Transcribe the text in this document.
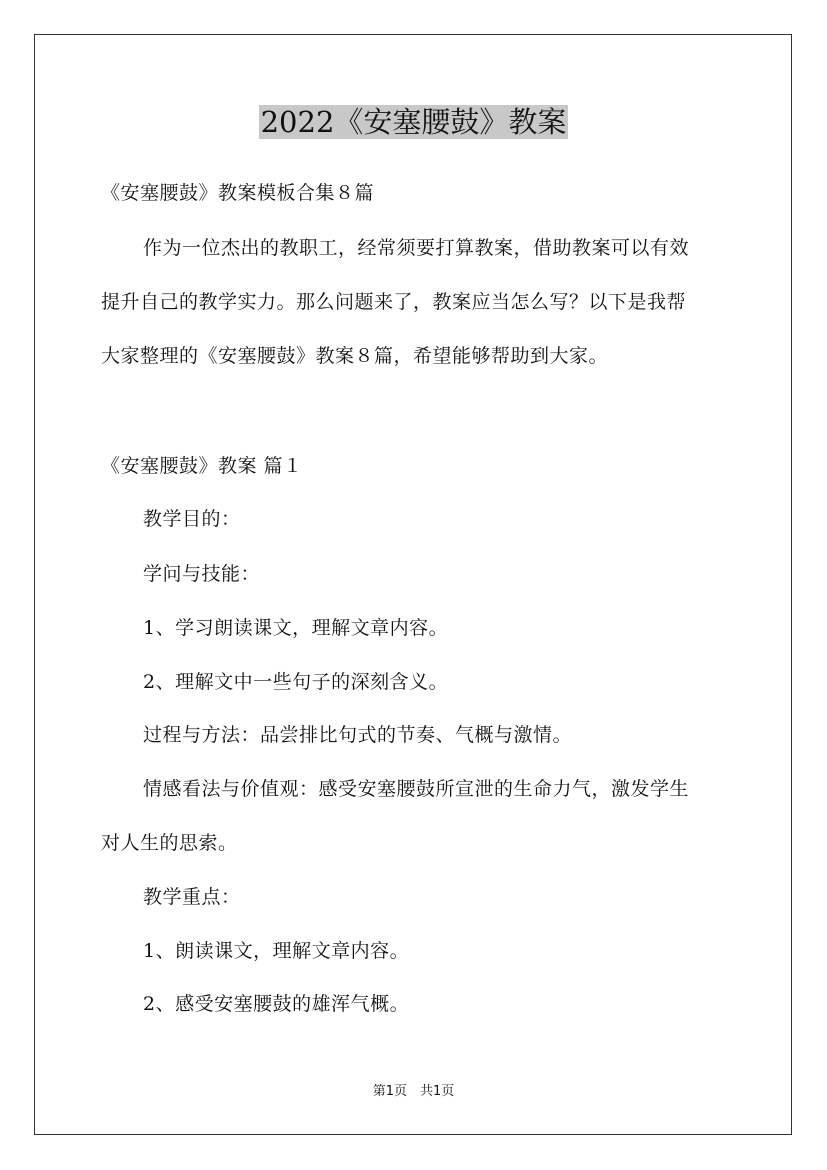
2022《安塞腰鼓》教案
《安塞腰鼓》教案模板合集８篇
作为一位杰出的教职工，经常须要打算教案，借助教案可以有效
提升自己的教学实力。那么问题来了，教案应当怎么写？以下是我帮
大家整理的《安塞腰鼓》教案８篇，希望能够帮助到大家。
《安塞腰鼓》教案 篇１
教学目的：
学问与技能：
1、学习朗读课文，理解文章内容。
2、理解文中一些句子的深刻含义。
过程与方法：品尝排比句式的节奏、气概与激情。
情感看法与价值观：感受安塞腰鼓所宣泄的生命力气，激发学生
对人生的思索。
教学重点：
1、朗读课文，理解文章内容。
2、感受安塞腰鼓的雄浑气概。
第1页　共1页
